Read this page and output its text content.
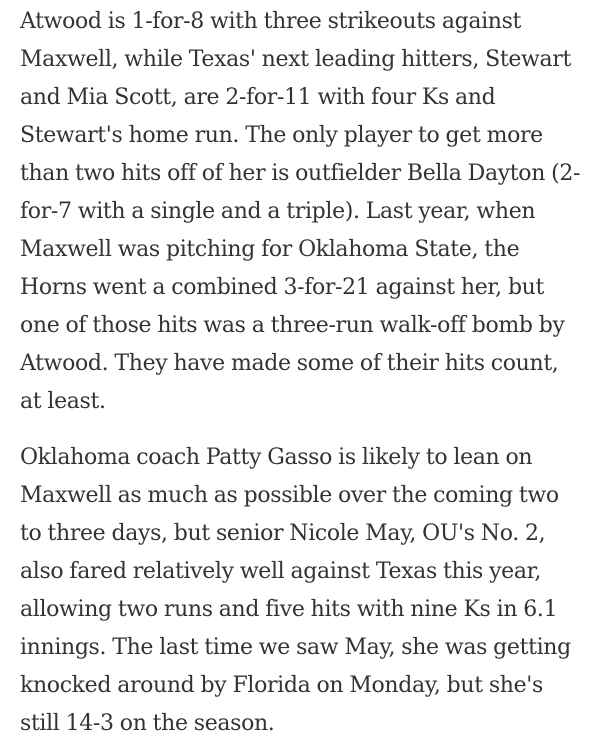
Atwood is 1-for-8 with three strikeouts against Maxwell, while Texas' next leading hitters, Stewart and Mia Scott, are 2-for-11 with four Ks and Stewart's home run. The only player to get more than two hits off of her is outfielder Bella Dayton (2-for-7 with a single and a triple). Last year, when Maxwell was pitching for Oklahoma State, the Horns went a combined 3-for-21 against her, but one of those hits was a three-run walk-off bomb by Atwood. They have made some of their hits count, at least.

Oklahoma coach Patty Gasso is likely to lean on Maxwell as much as possible over the coming two to three days, but senior Nicole May, OU's No. 2, also fared relatively well against Texas this year, allowing two runs and five hits with nine Ks in 6.1 innings. The last time we saw May, she was getting knocked around by Florida on Monday, but she's still 14-3 on the season.
